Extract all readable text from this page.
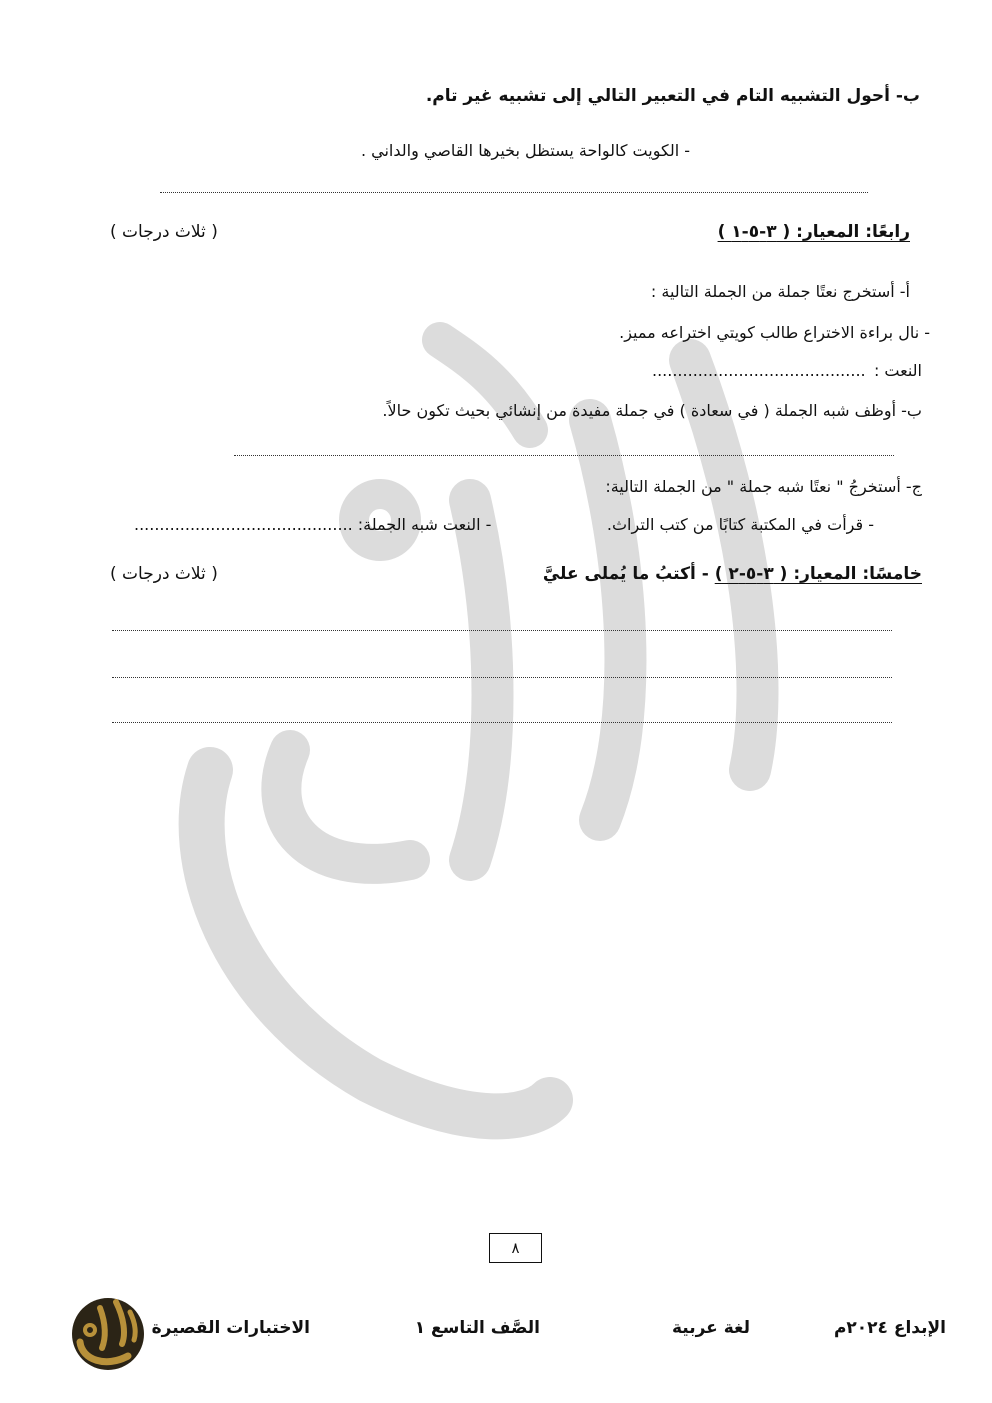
ب- أحول التشبيه التام في التعبير التالي إلى تشبيه غير تام.
- الكويت كالواحة يستظل بخيرها القاصي والداني .
رابعًا: المعيار: ( ٣-٥-١ )
( ثلاث درجات )
أ- أستخرج نعتًا جملة من الجملة التالية :
- نال براءة الاختراع طالب كويتي اختراعه مميز.
النعت :
..........................................
ب- أوظف شبه الجملة ( في سعادة ) في جملة مفيدة من إنشائي بحيث تكون حالاً.
ج- أستخرجُ " نعتًا شبه جملة " من الجملة التالية:
- قرأت في المكتبة كتابًا من كتب التراث.
- النعت شبه الجملة: ...........................................
خامسًا: المعيار: ( ٣-٥-٢ ) - أكتبُ ما يُملى عليَّ
( ثلاث درجات )
٨
الإبداع ٢٠٢٤م
لغة عربية
الصَّف التاسع ١
الاختبارات القصيرة
